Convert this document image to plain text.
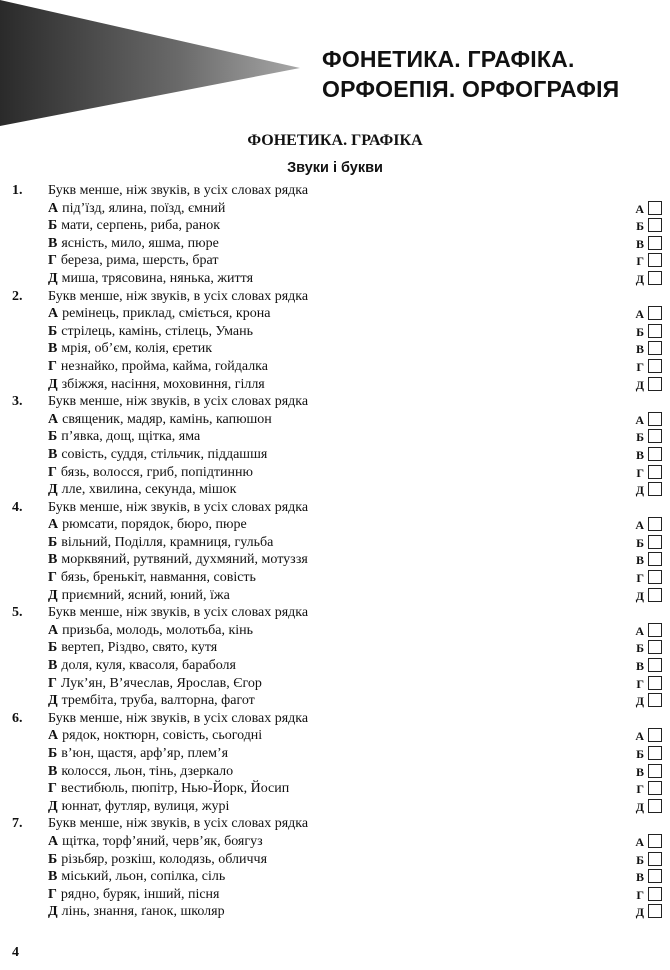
ФОНЕТИКА. ГРАФІКА.
ОРФОЕПІЯ. ОРФОГРАФІЯ
ФОНЕТИКА. ГРАФІКА
Звуки і букви
1. Букв менше, ніж звуків, в усіх словах рядка
А під’їзд, ялина, поїзд, ємний	А
Б мати, серпень, риба, ранок	Б
В ясність, мило, яшма, пюре	В
Г береза, рима, шерсть, брат	Г
Д миша, трясовина, нянька, життя	Д
2. Букв менше, ніж звуків, в усіх словах рядка
А ремінець, приклад, сміється, крона	А
Б стрілець, камінь, стілець, Умань	Б
В мрія, об’єм, колія, єретик	В
Г незнайко, пройма, кайма, гойдалка	Г
Д збіжжя, насіння, моховиння, гілля	Д
3. Букв менше, ніж звуків, в усіх словах рядка
А священик, мадяр, камінь, капюшон	А
Б п’явка, дощ, щітка, яма	Б
В совість, суддя, стільчик, піддашшя	В
Г бязь, волосся, гриб, попідтинню	Г
Д лле, хвилина, секунда, мішок	Д
4. Букв менше, ніж звуків, в усіх словах рядка
А рюмсати, порядок, бюро, пюре	А
Б вільний, Поділля, крамниця, гульба	Б
В морквяний, рутвяний, духмяний, мотуззя	В
Г бязь, бренькіт, навмання, совість	Г
Д приємний, ясний, юний, їжа	Д
5. Букв менше, ніж звуків, в усіх словах рядка
А призьба, молодь, молотьба, кінь	А
Б вертеп, Різдво, свято, кутя	Б
В доля, куля, квасоля, бараболя	В
Г Лук’ян, В’ячеслав, Ярослав, Єгор	Г
Д трембіта, труба, валторна, фагот	Д
6. Букв менше, ніж звуків, в усіх словах рядка
А рядок, ноктюрн, совість, сьогодні	А
Б в’юн, щастя, арф’яр, плем’я	Б
В колосся, льон, тінь, дзеркало	В
Г вестибюль, пюпітр, Нью-Йорк, Йосип	Г
Д юннат, футляр, вулиця, журі	Д
7. Букв менше, ніж звуків, в усіх словах рядка
А щітка, торф’яний, черв’як, боягуз	А
Б різьбяр, розкіш, колодязь, обличчя	Б
В міський, льон, сопілка, сіль	В
Г рядно, буряк, інший, пісня	Г
Д лінь, знання, ґанок, школяр	Д
4
